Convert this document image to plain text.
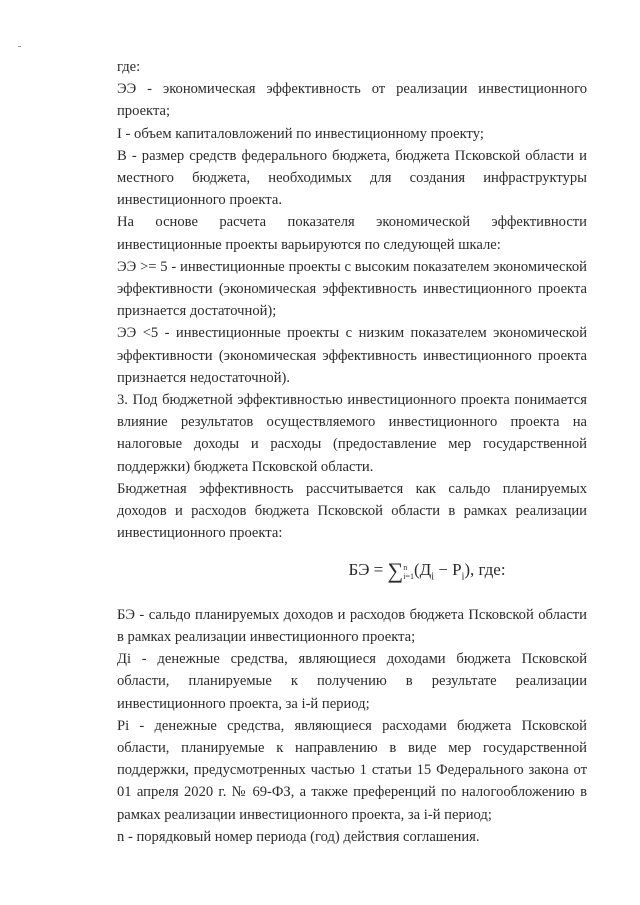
где:

ЭЭ - экономическая эффективность от реализации инвестиционного проекта;

I - объем капиталовложений по инвестиционному проекту;

B - размер средств федерального бюджета, бюджета Псковской области и местного бюджета, необходимых для создания инфраструктуры инвестиционного проекта.

На основе расчета показателя экономической эффективности инвестиционные проекты варьируются по следующей шкале:

ЭЭ >= 5 - инвестиционные проекты с высоким показателем экономической эффективности (экономическая эффективность инвестиционного проекта признается достаточной);

ЭЭ <5 - инвестиционные проекты с низким показателем экономической эффективности (экономическая эффективность инвестиционного проекта признается недостаточной).

3. Под бюджетной эффективностью инвестиционного проекта понимается влияние результатов осуществляемого инвестиционного проекта на налоговые доходы и расходы (предоставление мер государственной поддержки) бюджета Псковской области.

Бюджетная эффективность рассчитывается как сальдо планируемых доходов и расходов бюджета Псковской области в рамках реализации инвестиционного проекта:

БЭ = ∑ n
i=1 $(Д_i - Р_i)$, где:

БЭ - сальдо планируемых доходов и расходов бюджета Псковской области в рамках реализации инвестиционного проекта;

Дi - денежные средства, являющиеся доходами бюджета Псковской области, планируемые к получению в результате реализации инвестиционного проекта, за i-й период;

Рi - денежные средства, являющиеся расходами бюджета Псковской области, планируемые к направлению в виде мер государственной поддержки, предусмотренных частью 1 статьи 15 Федерального закона от 01 апреля 2020 г. № 69-ФЗ, а также преференций по налогообложению в рамках реализации инвестиционного проекта, за i-й период;

n - порядковый номер периода (год) действия соглашения.
